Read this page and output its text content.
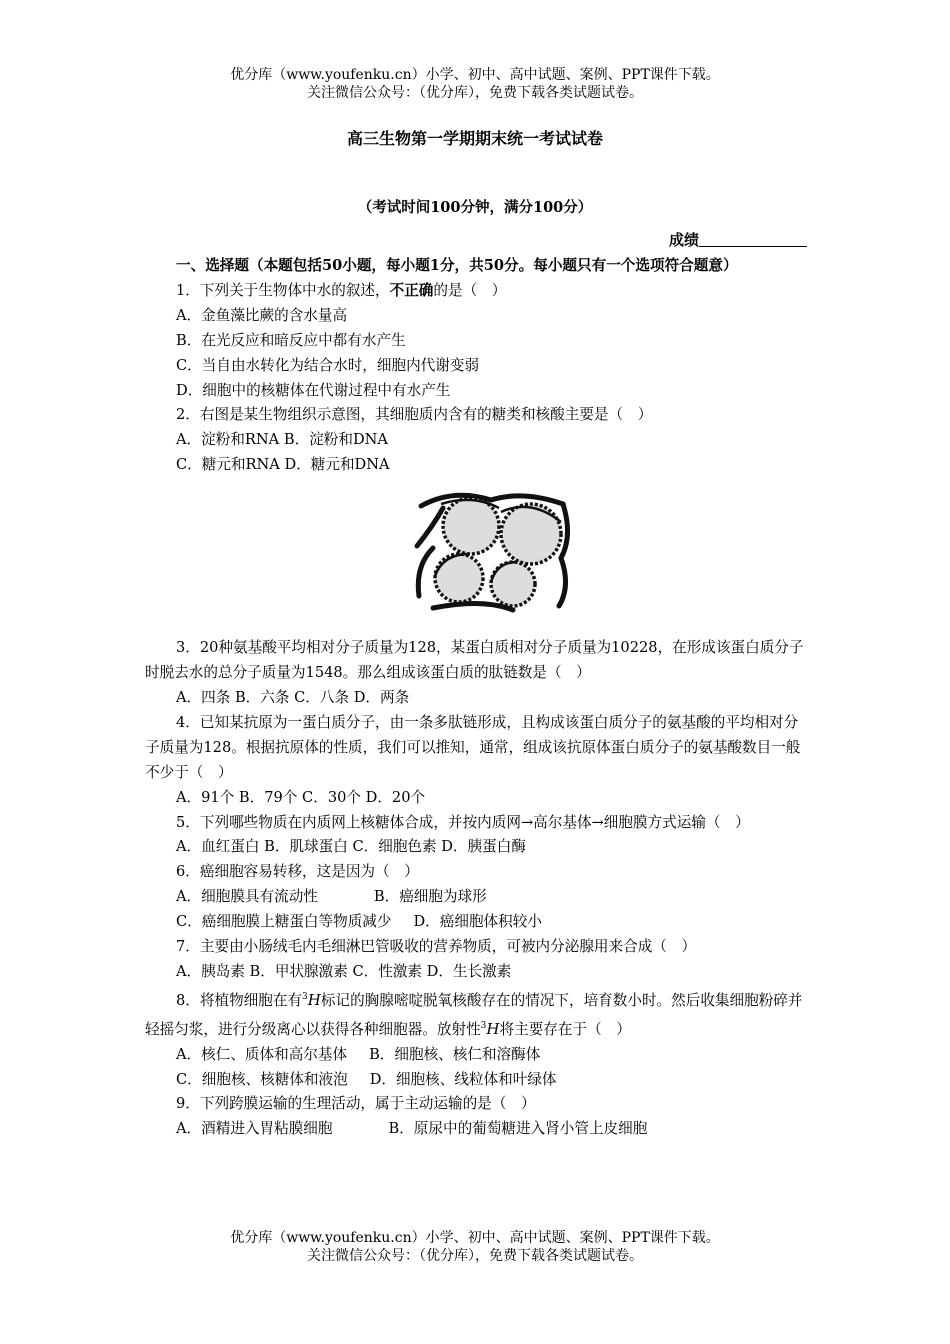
优分库（www.youfenku.cn）小学、初中、高中试题、案例、PPT课件下载。
关注微信公众号：（优分库），免费下载各类试题试卷。
高三生物第一学期期末统一考试试卷
（考试时间100分钟，满分100分）
成绩

一、选择题（本题包括50小题，每小题1分，共50分。每小题只有一个选项符合题意）

1．下列关于生物体中水的叙述，不正确的是（　）

A．金鱼藻比蕨的含水量高

B．在光反应和暗反应中都有水产生

C．当自由水转化为结合水时，细胞内代谢变弱

D．细胞中的核糖体在代谢过程中有水产生

2．右图是某生物组织示意图，其细胞质内含有的糖类和核酸主要是（　）

A．淀粉和RNA B．淀粉和DNA

C．糖元和RNA D．糖元和DNA

3．20种氨基酸平均相对分子质量为128，某蛋白质相对分子质量为10228，在形成该蛋白质分子时脱去水的总分子质量为1548。那么组成该蛋白质的肽链数是（　）

A．四条 B．六条 C．八条 D．两条

4．已知某抗原为一蛋白质分子，由一条多肽链形成，且构成该蛋白质分子的氨基酸的平均相对分子质量为128。根据抗原体的性质，我们可以推知，通常，组成该抗原体蛋白质分子的氨基酸数目一般不少于（　）

A．91个 B．79个 C．30个 D．20个

5．下列哪些物质在内质网上核糖体合成，并按内质网→高尔基体→细胞膜方式运输（　）

A．血红蛋白 B．肌球蛋白 C．细胞色素 D．胰蛋白酶

6．癌细胞容易转移，这是因为（　）

A．细胞膜具有流动性	B．癌细胞为球形

C．癌细胞膜上糖蛋白等物质减少 D．癌细胞体积较小

7．主要由小肠绒毛内毛细淋巴管吸收的营养物质，可被内分泌腺用来合成（　）

A．胰岛素 B．甲状腺激素 C．性激素 D．生长激素

8．将植物细胞在有$^3$H标记的胸腺嘧啶脱氧核酸存在的情况下，培育数小时。然后收集细胞粉碎并轻摇匀浆，进行分级离心以获得各种细胞器。放射性$^3$H将主要存在于（　）

A．核仁、质体和高尔基体 B．细胞核、核仁和溶酶体

C．细胞核、核糖体和液泡 D．细胞核、线粒体和叶绿体

9．下列跨膜运输的生理活动，属于主动运输的是（　）

A．酒精进入胃粘膜细胞	B．原尿中的葡萄糖进入肾小管上皮细胞

优分库（www.youfenku.cn）小学、初中、高中试题、案例、PPT课件下载。
关注微信公众号：（优分库），免费下载各类试题试卷。
